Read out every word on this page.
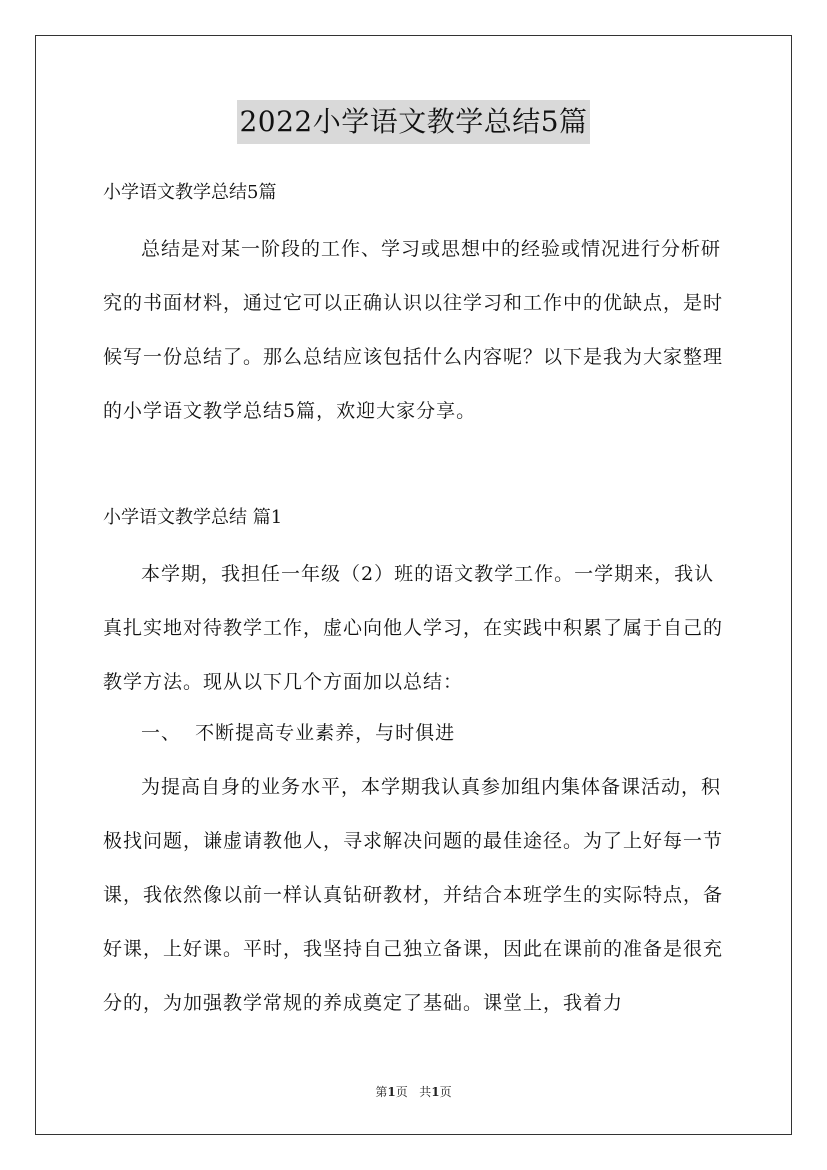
2022小学语文教学总结5篇
小学语文教学总结5篇
总结是对某一阶段的工作、学习或思想中的经验或情况进行分析研究的书面材料，通过它可以正确认识以往学习和工作中的优缺点，是时候写一份总结了。那么总结应该包括什么内容呢？以下是我为大家整理的小学语文教学总结5篇，欢迎大家分享。
小学语文教学总结 篇1
本学期，我担任一年级（2）班的语文教学工作。一学期来，我认真扎实地对待教学工作，虚心向他人学习，在实践中积累了属于自己的教学方法。现从以下几个方面加以总结：
一、  不断提高专业素养，与时俱进
为提高自身的业务水平，本学期我认真参加组内集体备课活动，积极找问题，谦虚请教他人，寻求解决问题的最佳途径。为了上好每一节课，我依然像以前一样认真钻研教材，并结合本班学生的实际特点，备好课，上好课。平时，我坚持自己独立备课，因此在课前的准备是很充分的，为加强教学常规的养成奠定了基础。课堂上，我着力
第1页 共1页
